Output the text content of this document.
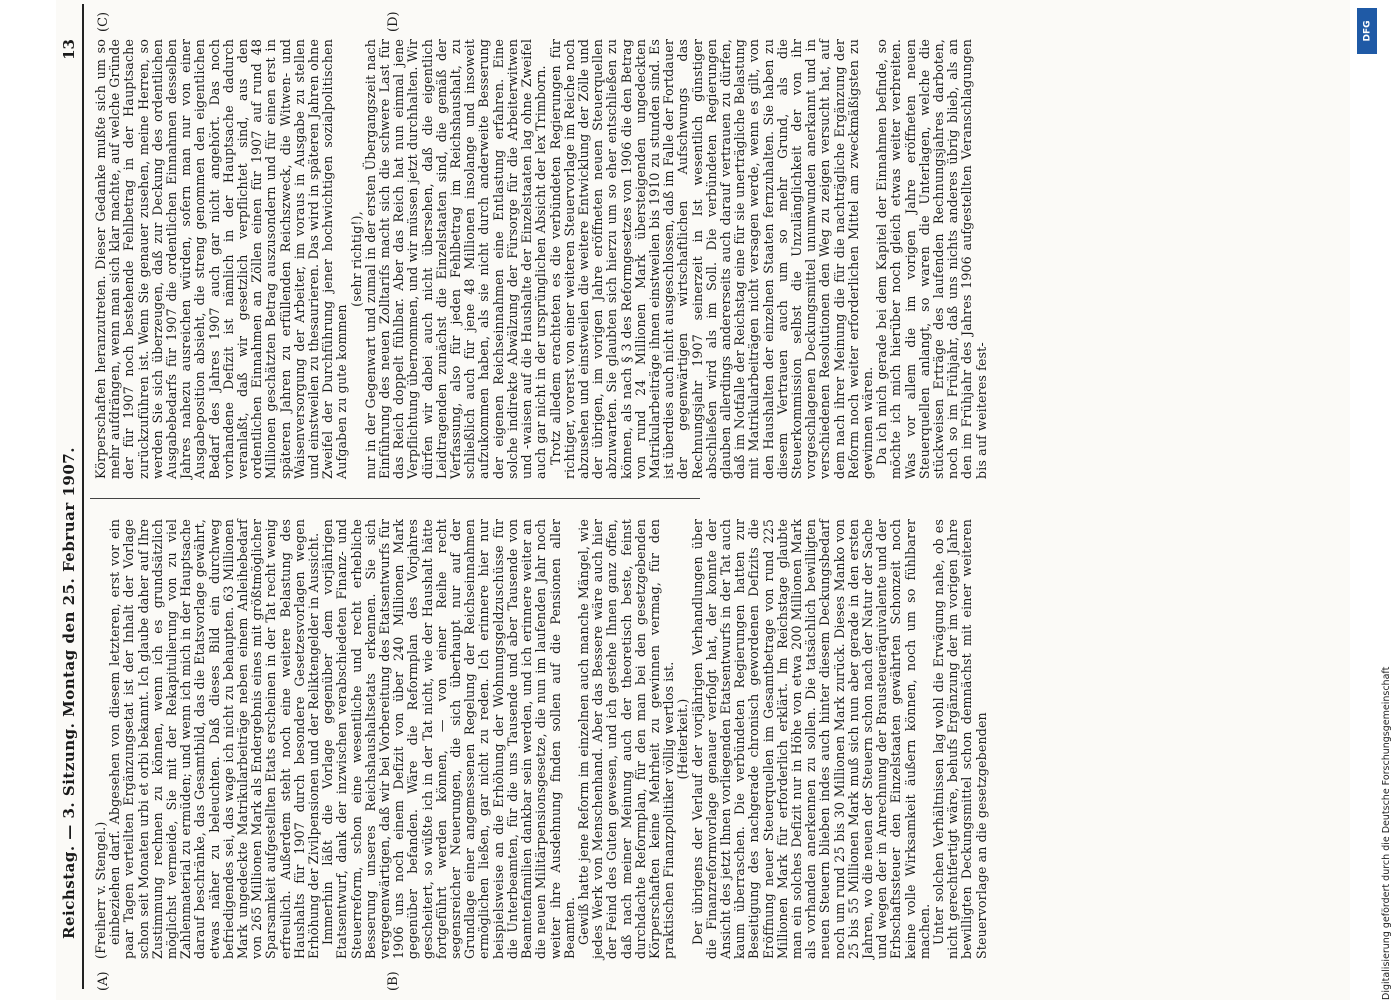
Reichstag. — 3. Sitzung. Montag den 25. Februar 1907.
13
(A)	(B)
(C)	(D)

(Freiherr v. Stengel.) einbeziehen darf. Abgesehen von diesem letzteren, erst vor ein paar Tagen verteilten Ergänzungsetat ist der Inhalt der Vorlage schon seit Monaten urbi et orbi bekannt. Ich glaube daher auf Ihre Zustimmung rechnen zu können, wenn ich es grundsätzlich möglichst vermeide, Sie mit der Rekapitulierung von zu viel Zahlenmaterial zu ermüden; und wenn ich mich in der Hauptsache darauf beschränke, das Gesamtbild, das die Etatsvorlage gewährt, etwas näher zu beleuchten. Daß dieses Bild ein durchweg befriedigendes sei, das wage ich nicht zu behaupten. 63 Millionen Mark ungedeckte Matrikularbeiträge neben einem Anleihebedarf von 265 Millionen Mark als Endergebnis eines mit größtmöglicher Sparsamkeit aufgestellten Etats erscheinen in der Tat recht wenig erfreulich. Außerdem steht noch eine weitere Belastung des Haushalts für 1907 durch besondere Gesetzesvorlagen wegen Erhöhung der Zivilpensionen und der Reliktengelder in Aussicht. Immerhin läßt die Vorlage gegenüber dem vorjährigen Etatsentwurf, dank der inzwischen verabschiedeten Finanz- und Steuerreform, schon eine wesentliche und recht erhebliche Besserung unseres Reichshaushaltsetats erkennen. Sie sich vergegenwärtigen, daß wir bei Vorbereitung des Etatsentwurfs für 1906 uns noch einem Defizit von über 240 Millionen Mark gegenüber befanden. Wäre die Reformplan des Vorjahres gescheitert, so wüßte ich in der Tat nicht, wie der Haushalt hätte fortgeführt werden können, — von einer Reihe recht segensreicher Neuerungen, die sich überhaupt nur auf der Grundlage einer angemessenen Regelung der Reichseinnahmen ermöglichen ließen, gar nicht zu reden. Ich erinnere hier nur beispielsweise an die Erhöhung der Wohnungsgeldzuschüsse für die Unterbeamten, für die uns Tausende und aber Tausende von Beamtenfamilien dankbar sein werden, und ich erinnere weiter an die neuen Militärpensionsgesetze, die nun im laufenden Jahr noch weiter ihre Ausdehnung finden sollen auf die Pensionen aller Beamten. Gewiß hatte jene Reform im einzelnen auch manche Mängel, wie jedes Werk von Menschenhand. Aber das Bessere wäre auch hier der Feind des Guten gewesen, und ich gestehe Ihnen ganz offen, daß nach meiner Meinung auch der theoretisch beste, feinst durchdachte Reformplan, für den man bei den gesetzgebenden Körperschaften keine Mehrheit zu gewinnen vermag, für den praktischen Finanzpolitiker völlig wertlos ist. (Heiterkeit.) Der übrigens der Verlauf der vorjährigen Verhandlungen über die Finanzreformvorlage genauer verfolgt hat, der konnte der Ansicht des jetzt Ihnen vorliegenden Etatsentwurfs in der Tat auch kaum überraschen. Die verbündeten Regierungen hatten zur Beseitigung des nachgerade chronisch gewordenen Defizits die Eröffnung neuer Steuerquellen im Gesamtbetrage von rund 225 Millionen Mark für erforderlich erklärt. Im Reichstage glaubte man ein solches Defizit nur in Höhe von etwa 200 Millionen Mark als vorhanden anerkennen zu sollen. Die tatsächlich bewilligten neuen Steuern blieben indes auch hinter diesem Deckungsbedarf noch um rund 25 bis 30 Millionen Mark zurück. Dieses Manko von 25 bis 55 Millionen Mark muß sich nun aber gerade in den ersten Jahren, wo die neuen der Steuern schon nach der Natur der Sache und wegen der in Anrechnung der Brausteueräquivalente und der Erbschaftssteuer den Einzelstaaten gewährten Schonzeit noch keine volle Wirksamkeit äußern können, noch um so fühlbarer machen. Unter solchen Verhältnissen lag wohl die Erwägung nahe, ob es nicht gerechtfertigt wäre, behufs Ergänzung der im vorigen Jahre bewilligten Deckungsmittel schon demnächst mit einer weiteren Steuervorlage an die gesetzgebenden

Körperschaften heranzutreten. Dieser Gedanke mußte sich um so mehr aufdrängen, wenn man sich klar machte, auf welche Gründe der für 1907 noch bestehende Fehlbetrag in der Hauptsache zurückzuführen ist. Wenn Sie genauer zusehen, meine Herren, so werden Sie sich überzeugen, daß zur Deckung des ordentlichen Ausgabebedarfs für 1907 die ordentlichen Einnahmen desselben Jahres nahezu ausreichen würden, sofern man nur von einer Ausgabeposition absieht, die streng genommen den eigentlichen Bedarf des Jahres 1907 auch gar nicht angehört. Das noch vorhandene Defizit ist nämlich in der Hauptsache dadurch veranlaßt, daß wir gesetzlich verpflichtet sind, aus den ordentlichen Einnahmen an Zöllen einen für 1907 auf rund 48 Millionen geschätzten Betrag auszusondern und für einen erst in späteren Jahren zu erfüllenden Reichszweck, die Witwen- und Waisenversorgung der Arbeiter, im voraus in Ausgabe zu stellen und einstweilen zu thesaurieren. Das wird in späteren Jahren ohne Zweifel der Durchführung jener hochwichtigen sozialpolitischen Aufgaben zu gute kommen

(sehr richtig!), nur in der Gegenwart und zumal in der ersten Übergangszeit nach Einführung des neuen Zolltarifs macht sich die schwere Last für das Reich doppelt fühlbar. Aber das Reich hat nun einmal jene Verpflichtung übernommen, und wir müssen jetzt durchhalten. Wir dürfen wir dabei auch nicht übersehen, daß die eigentlich Leidtragenden zunächst die Einzelstaaten sind, die gemäß der Verfassung, also für jeden Fehlbetrag im Reichshaushalt, zu schließlich auch für jene 48 Millionen insolange und insoweit aufzukommen haben, als sie nicht durch anderweite Besserung der eigenen Reichseinnahmen eine Entlastung erfahren. Eine solche indirekte Abwälzung der Fürsorge für die Arbeiterwitwen und -waisen auf die Haushalte der Einzelstaaten lag ohne Zweifel auch gar nicht in der ursprünglichen Absicht der lex Trimborn. Trotz alledem erachteten es die verbündeten Regierungen für richtiger, vorerst von einer weiteren Steuervorlage im Reiche noch abzusehen und einstweilen die weitere Entwicklung der Zölle und der übrigen, im vorigen Jahre eröffneten neuen Steuerquellen abzuwarten. Sie glaubten sich hierzu um so eher entschließen zu können, als nach § 3 des Reformgesetzes von 1906 die den Betrag von rund 24 Millionen Mark übersteigenden ungedeckten Matrikularbeiträge ihnen einstweilen bis 1910 zu stunden sind. Es ist überdies auch nicht ausgeschlossen, daß im Falle der Fortdauer der gegenwärtigen wirtschaftlichen Aufschwungs das Rechnungsjahr 1907 seinerzeit in Ist wesentlich günstiger abschließen wird als im Soll. Die verbündeten Regierungen glauben allerdings andererseits auch darauf vertrauen zu dürfen, daß im Notfalle der Reichstag eine für sie unerträgliche Belastung mit Matrikularbeiträgen nicht versagen werde, wenn es gilt, von den Haushalten der einzelnen Staaten fernzuhalten. Sie haben zu diesem Vertrauen auch um so mehr Grund, als die Steuerkommission selbst die Unzulänglichkeit der von ihr vorgeschlagenen Deckungsmittel unumwunden anerkannt und in verschiedenen Resolutionen den Weg zu zeigen versucht hat, auf dem nach ihrer Meinung die für die nachträgliche Ergänzung der Reform noch weiter erforderlichen Mittel am zweckmäßigsten zu gewinnen wären. Da ich mich gerade bei dem Kapitel der Einnahmen befinde, so möchte ich mich hierüber noch gleich etwas weiter verbreiten. Was vor allem die im vorigen Jahre eröffneten neuen Steuerquellen anlangt, so waren die Unterlagen, welche die stückweisen Erträge des laufenden Rechnungsjahres darboten, noch so im Frühjahr, daß uns nichts anderes übrig blieb, als an den im Frühjahr des Jahres 1906 aufgestellten Veranschlagungen bis auf weiteres fest-

Digitalisierung gefördert durch die Deutsche Forschungsgemeinschaft
DFG
